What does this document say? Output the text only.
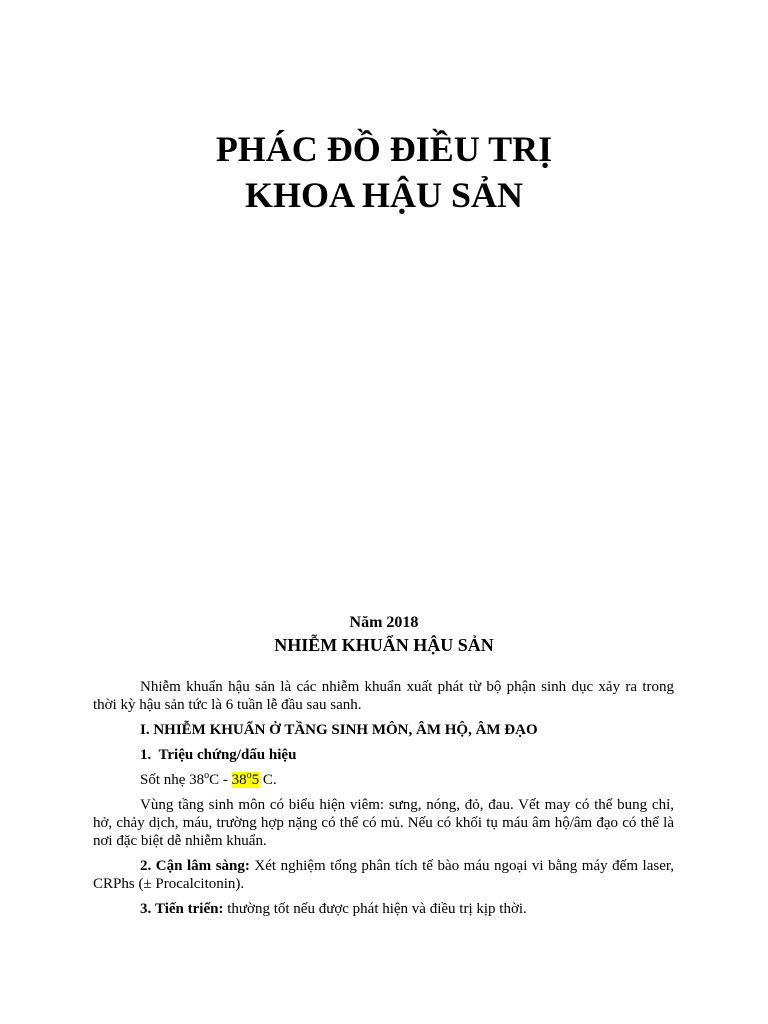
PHÁC ĐỒ ĐIỀU TRỊ
KHOA HẬU SẢN
Năm 2018
NHIỄM KHUẨN HẬU SẢN

Nhiễm khuẩn hậu sản là các nhiễm khuẩn xuất phát từ bộ phận sinh dục xảy ra trong thời kỳ hậu sản tức là 6 tuần lễ đầu sau sanh.

I. NHIỄM KHUẨN Ở TẦNG SINH MÔN, ÂM HỘ, ÂM ĐẠO

1. Triệu chứng/dấu hiệu

Sốt nhẹ 38$^o$C - 38$^o$5 C.

Vùng tầng sinh môn có biểu hiện viêm: sưng, nóng, đỏ, đau. Vết may có thể bung chỉ, hở, chảy dịch, máu, trường hợp nặng có thể có mủ. Nếu có khối tụ máu âm hộ/âm đạo có thể là nơi đặc biệt dễ nhiễm khuẩn.

2. Cận lâm sàng: Xét nghiệm tổng phân tích tế bào máu ngoại vi bằng máy đếm laser, CRPhs (± Procalcitonin).

3. Tiến triển: thường tốt nếu được phát hiện và điều trị kịp thời.
